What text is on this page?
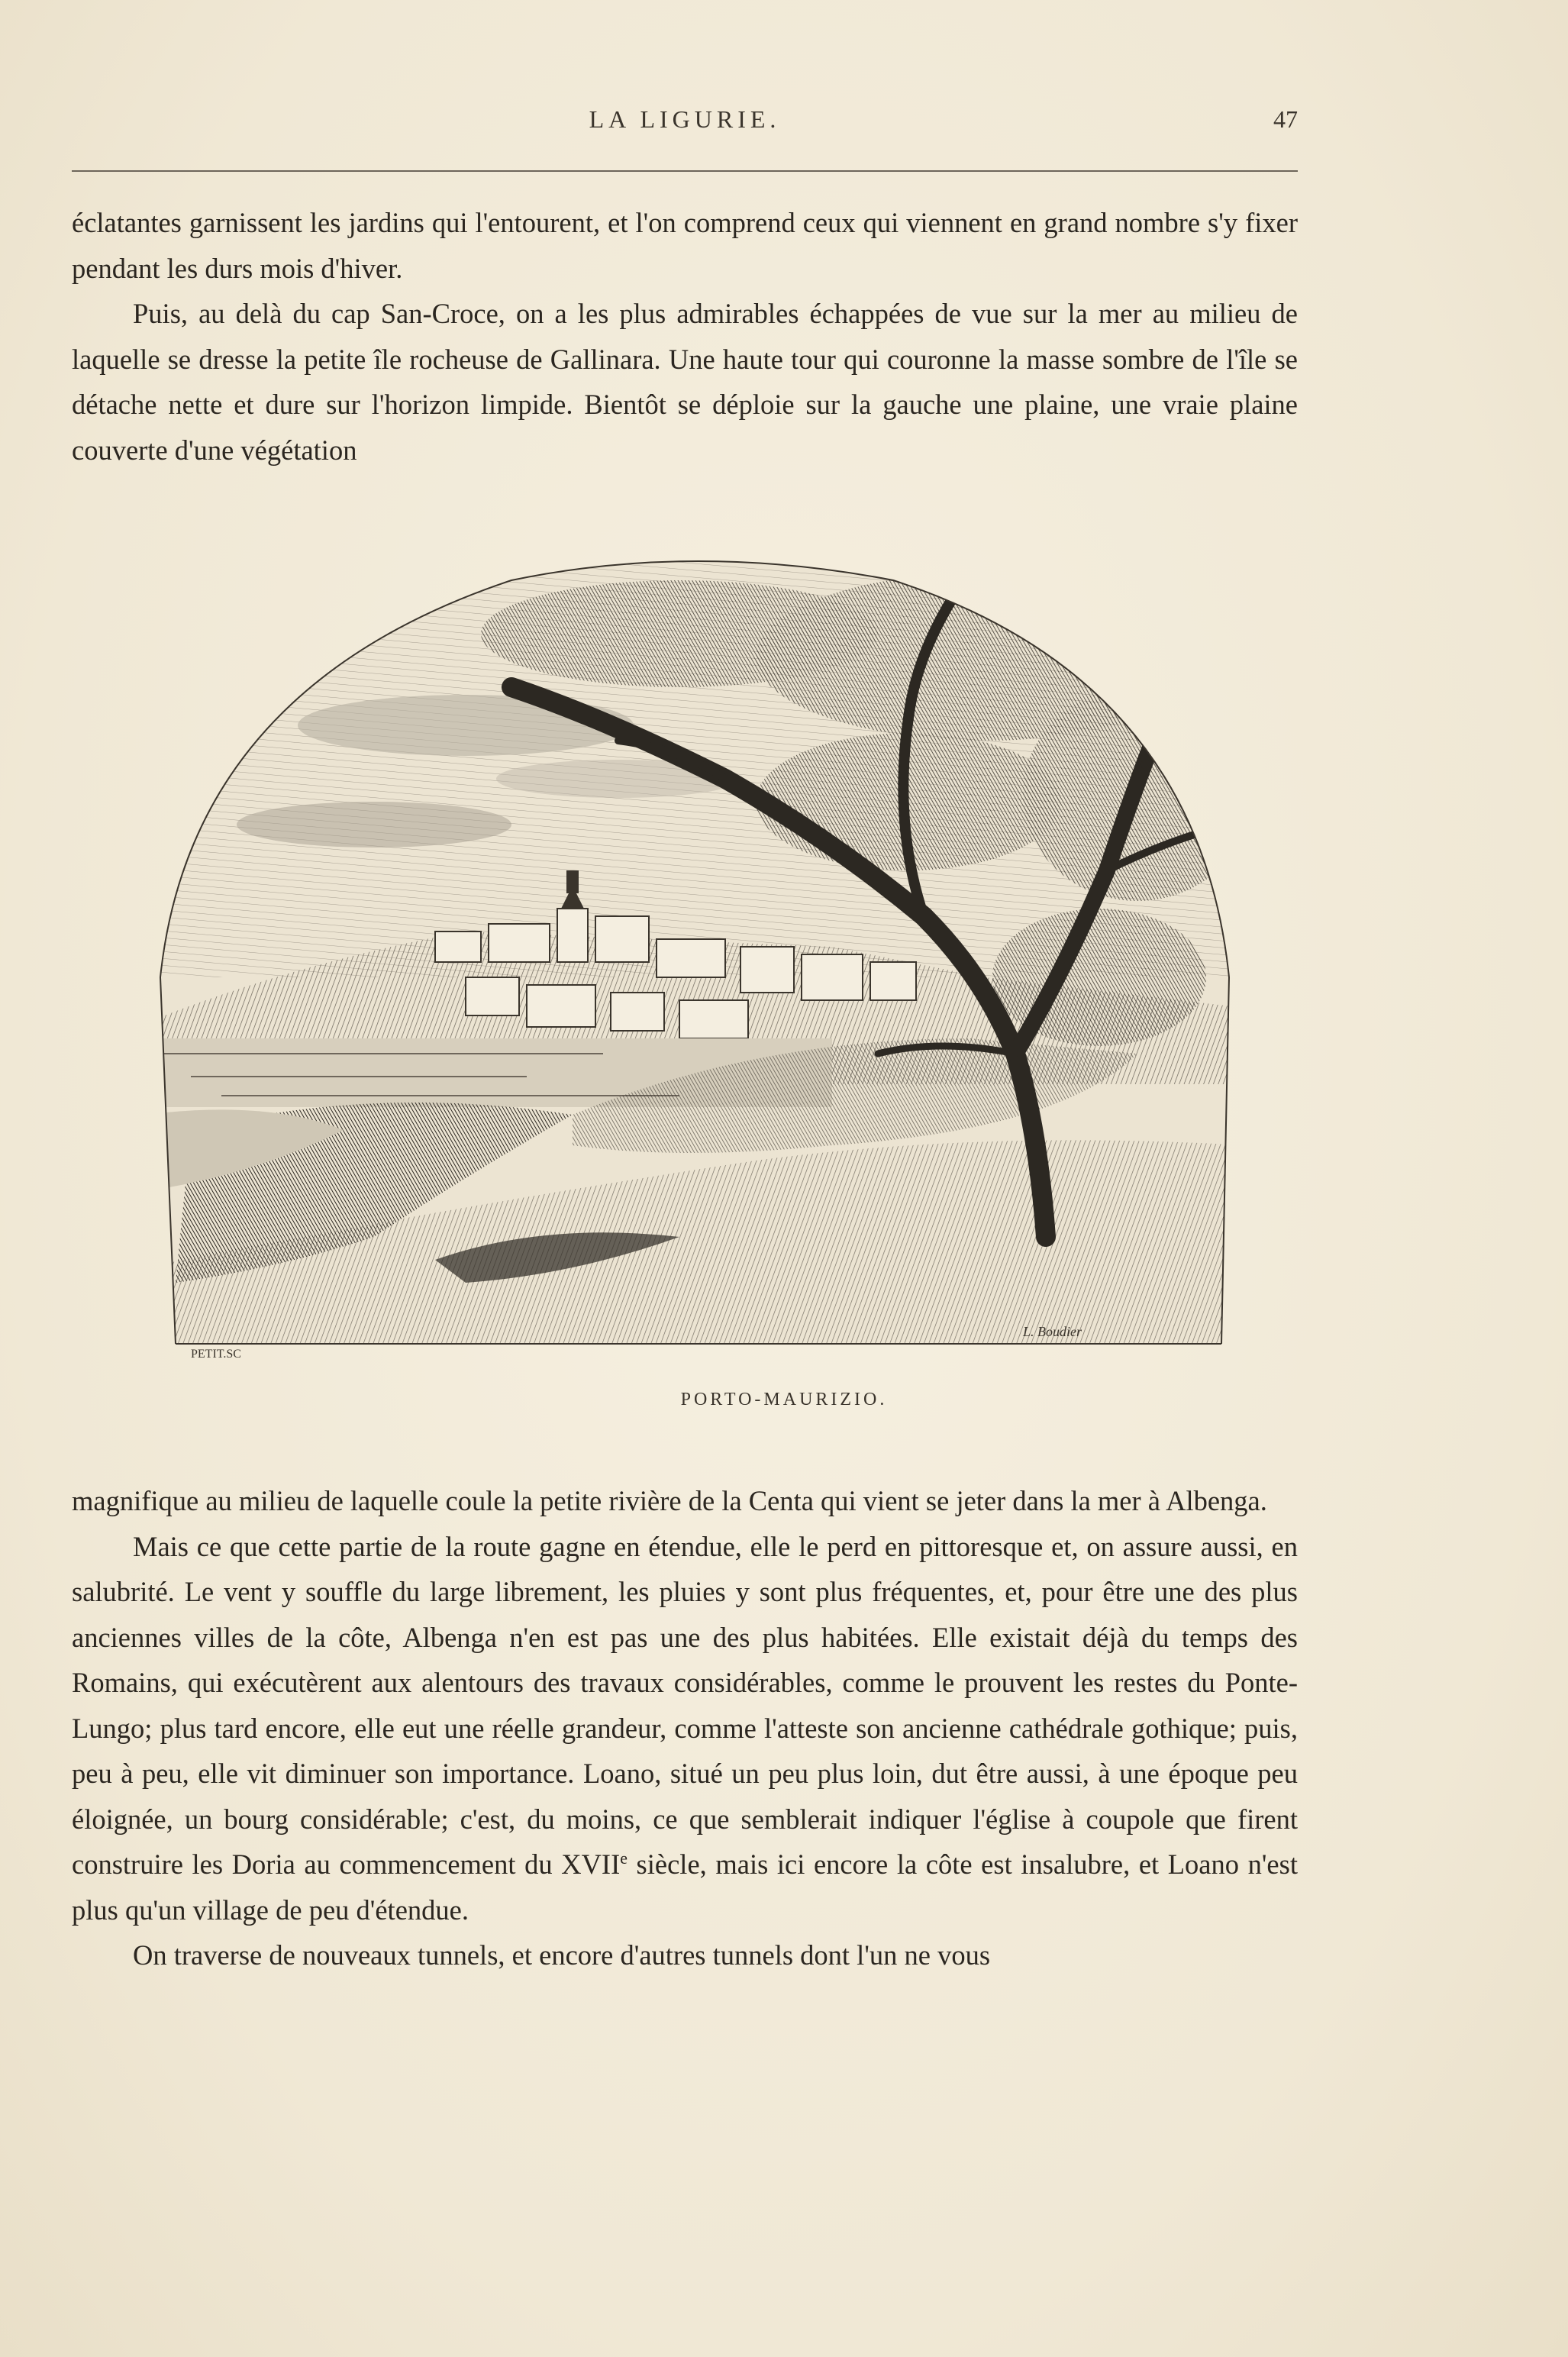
LA LIGURIE.	47

éclatantes garnissent les jardins qui l'entourent, et l'on comprend ceux qui viennent en grand nombre s'y fixer pendant les durs mois d'hiver.

Puis, au delà du cap San-Croce, on a les plus admirables échappées de vue sur la mer au milieu de laquelle se dresse la petite île rocheuse de Gallinara. Une haute tour qui couronne la masse sombre de l'île se détache nette et dure sur l'horizon limpide. Bientôt se déploie sur la gauche une plaine, une vraie plaine couverte d'une végétation

PETIT.SC
L. Boudier
PORTO-MAURIZIO.

magnifique au milieu de laquelle coule la petite rivière de la Centa qui vient se jeter dans la mer à Albenga.

Mais ce que cette partie de la route gagne en étendue, elle le perd en pittoresque et, on assure aussi, en salubrité. Le vent y souffle du large librement, les pluies y sont plus fréquentes, et, pour être une des plus anciennes villes de la côte, Albenga n'en est pas une des plus habitées. Elle existait déjà du temps des Romains, qui exécutèrent aux alentours des travaux considérables, comme le prouvent les restes du Ponte-Lungo; plus tard encore, elle eut une réelle grandeur, comme l'atteste son ancienne cathédrale gothique; puis, peu à peu, elle vit diminuer son importance. Loano, situé un peu plus loin, dut être aussi, à une époque peu éloignée, un bourg considérable; c'est, du moins, ce que semblerait indiquer l'église à coupole que firent construire les Doria au commencement du XVIIe siècle, mais ici encore la côte est insalubre, et Loano n'est plus qu'un village de peu d'étendue.

On traverse de nouveaux tunnels, et encore d'autres tunnels dont l'un ne vous
